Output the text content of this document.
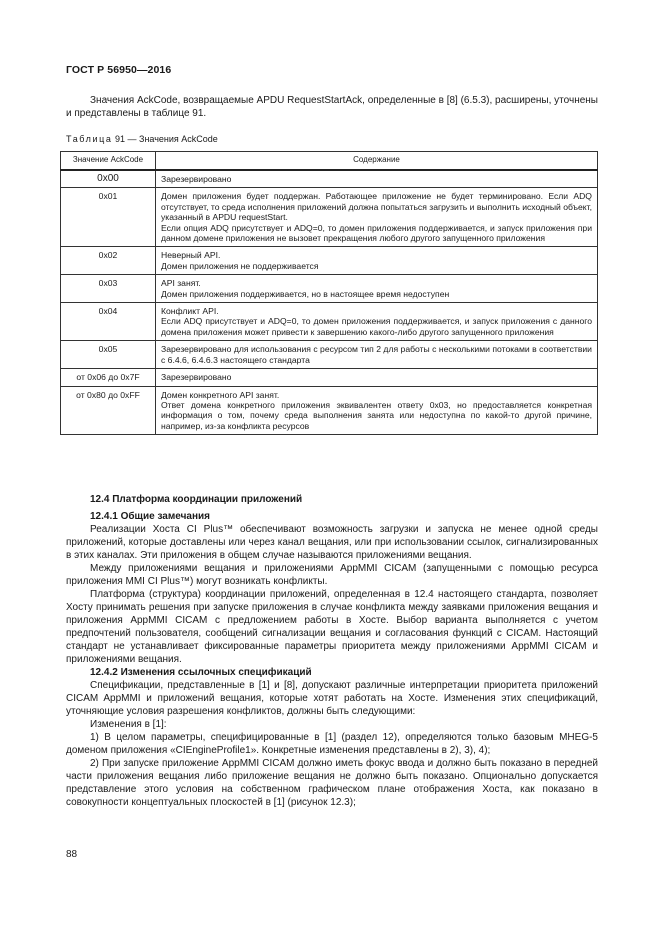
ГОСТ Р 56950—2016

Значения AckCode, возвращаемые APDU RequestStartAck, определенные в [8] (6.5.3), расширены, уточнены и представлены в таблице 91.

Таблица 91 — Значения AckCode
Значение AckCode	Содержание
0x00	Зарезервировано

0x01	Домен приложения будет поддержан. Работающее приложение не будет терминировано. Если ADQ отсутствует, то среда исполнения приложений должна попытаться загрузить и выполнить исходный объект, указанный в APDU requestStart.
Если опция ADQ присутствует и ADQ=0, то домен приложения поддерживается, и запуск приложения при данном домене приложения не вызовет прекращения любого другого запущенного приложения

0x02	Неверный API.
Домен приложения не поддерживается

0x03	API занят.
Домен приложения поддерживается, но в настоящее время недоступен

0x04	Конфликт API.
Если ADQ присутствует и ADQ=0, то домен приложения поддерживается, и запуск приложения с данного домена приложения может привести к завершению какого-либо другого запущенного приложения

0x05	Зарезервировано для использования с ресурсом тип 2 для работы с несколькими потоками в соответствии с 6.4.6, 6.4.6.3 настоящего стандарта

от 0x06 до 0x7F	Зарезервировано

от 0x80 до 0xFF	Домен конкретного API занят.
Ответ домена конкретного приложения эквивалентен ответу 0x03, но предоставляется конкретная информация о том, почему среда выполнения занята или недоступна по какой-то другой причине, например, из-за конфликта ресурсов

12.4 Платформа координации приложений

12.4.1 Общие замечания

Реализации Хоста CI Plus™ обеспечивают возможность загрузки и запуска не менее одной среды приложений, которые доставлены или через канал вещания, или при использовании ссылок, сигнализированных в этих каналах. Эти приложения в общем случае называются приложениями вещания.

Между приложениями вещания и приложениями AppMMI CICAM (запущенными с помощью ресурса приложения MMI CI Plus™) могут возникать конфликты.

Платформа (структура) координации приложений, определенная в 12.4 настоящего стандарта, позволяет Хосту принимать решения при запуске приложения в случае конфликта между заявками приложения вещания и приложения AppMMI CICAM с предложением работы в Хосте. Выбор варианта выполняется с учетом предпочтений пользователя, сообщений сигнализации вещания и согласования функций с CICAM. Настоящий стандарт не устанавливает фиксированные параметры приоритета между приложениями AppMMI CICAM и приложениями вещания.

12.4.2 Изменения ссылочных спецификаций

Спецификации, представленные в [1] и [8], допускают различные интерпретации приоритета приложений CICAM AppMMI и приложений вещания, которые хотят работать на Хосте. Изменения этих спецификаций, уточняющие условия разрешения конфликтов, должны быть следующими:

Изменения в [1]:

1) В целом параметры, специфицированные в [1] (раздел 12), определяются только базовым MHEG-5 доменом приложения «CIEngineProfile1». Конкретные изменения представлены в 2), 3), 4);

2) При запуске приложение AppMMI CICAM должно иметь фокус ввода и должно быть показано в передней части приложения вещания либо приложение вещания не должно быть показано. Опционально допускается представление этого условия на собственном графическом плане отображения Хоста, как показано в совокупности концептуальных плоскостей в [1] (рисунок 12.3);

88
